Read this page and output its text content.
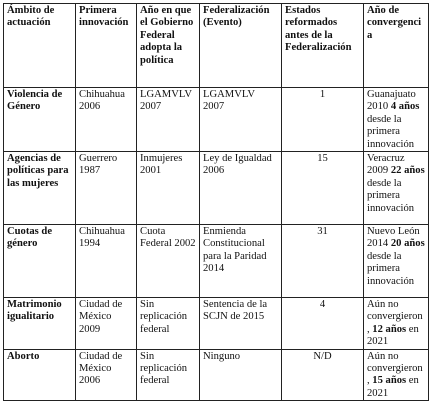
Ámbito de actuación	Primera innovación	Año en que el Gobierno Federal adopta la política	Federalización (Evento)	Estados reformados antes de la Federalización	Año de convergencia
Violencia de Género	Chihuahua 2006	LGAMVLV 2007	LGAMVLV 2007	1	Guanajuato 2010 4 años desde la primera innovación
Agencias de políticas para las mujeres	Guerrero 1987	Inmujeres 2001	Ley de Igualdad 2006	15	Veracruz 2009 22 años desde la primera innovación
Cuotas de género	Chihuahua 1994	Cuota Federal 2002	Enmienda Constitucional para la Paridad 2014	31	Nuevo León 2014 20 años desde la primera innovación
Matrimonio igualitario	Ciudad de México 2009	Sin replicación federal	Sentencia de la SCJN de 2015	4	Aún no convergieron, 12 años en 2021
Aborto	Ciudad de México 2006	Sin replicación federal	Ninguno	N/D	Aún no convergieron, 15 años en 2021
